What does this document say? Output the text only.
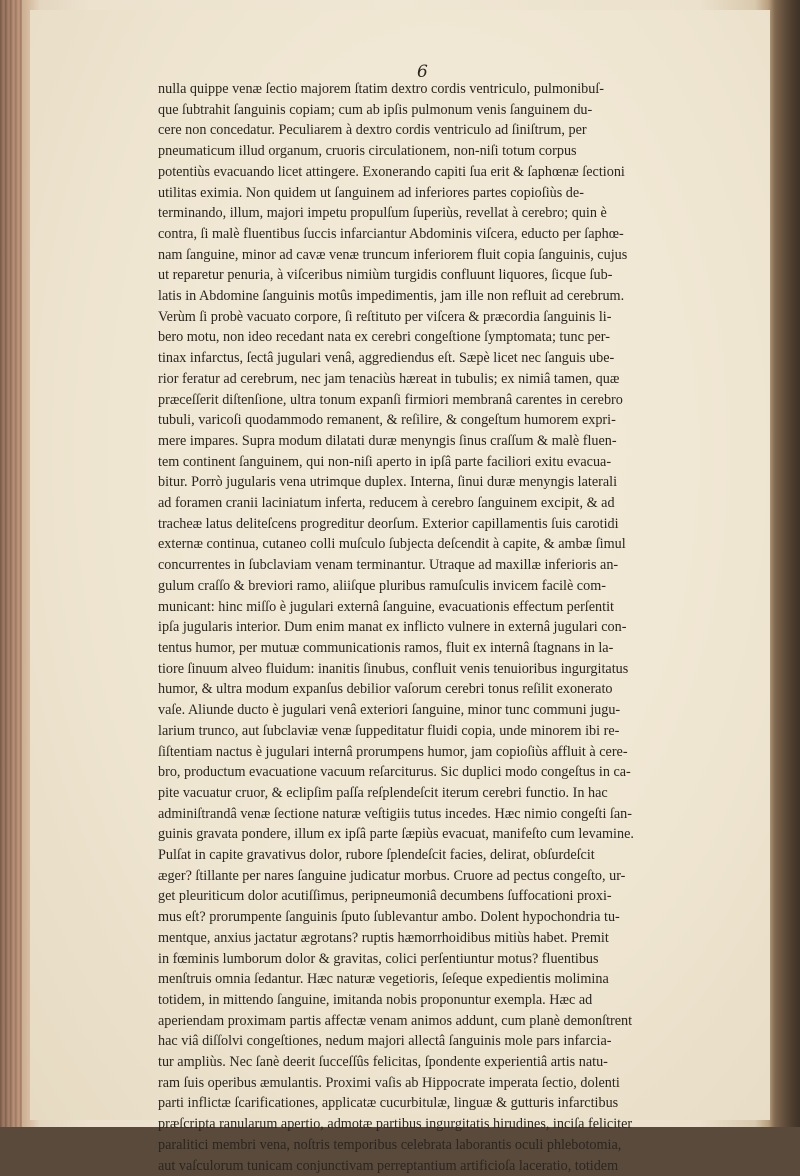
6
nulla quippe venæ ſectio majorem ſtatim dextro cordis ventriculo, pulmonibuſ-
que ſubtrahit ſanguinis copiam; cum ab ipſis pulmonum venis ſanguinem du-
cere non concedatur. Peculiarem à dextro cordis ventriculo ad ſiniſtrum, per
pneumaticum illud organum, cruoris circulationem, non-niſi totum corpus
potentiùs evacuando licet attingere. Exonerando capiti ſua erit & ſaphœnæ ſectioni
utilitas eximia. Non quidem ut ſanguinem ad inferiores partes copioſiùs de-
terminando, illum, majori impetu propulſum ſuperiùs, revellat à cerebro; quin è
contra, ſi malè fluentibus ſuccis infarciantur Abdominis viſcera, educto per ſaphœ-
nam ſanguine, minor ad cavæ venæ truncum inferiorem fluit copia ſanguinis, cujus
ut reparetur penuria, à viſceribus nimiùm turgidis confluunt liquores, ſicque ſub-
latis in Abdomine ſanguinis motûs impedimentis, jam ille non refluit ad cerebrum.
Verùm ſi probè vacuato corpore, ſi reſtituto per viſcera & præcordia ſanguinis li-
bero motu, non ideo recedant nata ex cerebri congeſtione ſymptomata; tunc per-
tinax infarctus, ſectâ jugulari venâ, aggrediendus eſt. Sæpè licet nec ſanguis ube-
rior feratur ad cerebrum, nec jam tenaciùs hæreat in tubulis; ex nimiâ tamen, quæ
præceſſerit diſtenſione, ultra tonum expanſi firmiori membranâ carentes in cerebro
tubuli, varicoſi quodammodo remanent, & reſilire, & congeſtum humorem expri-
mere impares. Supra modum dilatati duræ menyngis ſinus craſſum & malè fluen-
tem continent ſanguinem, qui non-niſi aperto in ipſâ parte faciliori exitu evacua-
bitur. Porrò jugularis vena utrimque duplex. Interna, ſinui duræ menyngis laterali
ad foramen cranii laciniatum inferta, reducem à cerebro ſanguinem excipit, & ad
tracheæ latus deliteſcens progreditur deorſum. Exterior capillamentis ſuis carotidi
externæ continua, cutaneo colli muſculo ſubjecta deſcendit à capite, & ambæ ſimul
concurrentes in ſubclaviam venam terminantur. Utraque ad maxillæ inferioris an-
gulum craſſo & breviori ramo, aliiſque pluribus ramuſculis invicem facilè com-
municant: hinc miſſo è jugulari externâ ſanguine, evacuationis effectum perſentit
ipſa jugularis interior. Dum enim manat ex inflicto vulnere in externâ jugulari con-
tentus humor, per mutuæ communicationis ramos, fluit ex internâ ſtagnans in la-
tiore ſinuum alveo fluidum: inanitis ſinubus, confluit venis tenuioribus ingurgitatus
humor, & ultra modum expanſus debilior vaſorum cerebri tonus reſilit exonerato
vaſe. Aliunde ducto è jugulari venâ exteriori ſanguine, minor tunc communi jugu-
larium trunco, aut ſubclaviæ venæ ſuppeditatur fluidi copia, unde minorem ibi re-
ſiſtentiam nactus è jugulari internâ prorumpens humor, jam copioſiùs affluit à cere-
bro, productum evacuatione vacuum reſarciturus. Sic duplici modo congeſtus in ca-
pite vacuatur cruor, & eclipſim paſſa reſplendeſcit iterum cerebri functio. In hac
adminiſtrandâ venæ ſectione naturæ veſtigiis tutus incedes. Hæc nimio congeſti ſan-
guinis gravata pondere, illum ex ipſâ parte ſæpiùs evacuat, manifeſto cum levamine.
Pulſat in capite gravativus dolor, rubore ſplendeſcit facies, delirat, obſurdeſcit
æger? ſtillante per nares ſanguine judicatur morbus. Cruore ad pectus congeſto, ur-
get pleuriticum dolor acutiſſimus, peripneumoniâ decumbens ſuffocationi proxi-
mus eſt? prorumpente ſanguinis ſputo ſublevantur ambo. Dolent hypochondria tu-
mentque, anxius jactatur ægrotans? ruptis hæmorrhoidibus mitiùs habet. Premit
in fœminis lumborum dolor & gravitas, colici perſentiuntur motus? fluentibus
menſtruis omnia ſedantur. Hæc naturæ vegetioris, ſeſeque expedientis molimina
totidem, in mittendo ſanguine, imitanda nobis proponuntur exempla. Hæc ad
aperiendam proximam partis affectæ venam animos addunt, cum planè demonſtrent
hac viâ diſſolvi congeſtiones, nedum majori allectâ ſanguinis mole pars infarcia-
tur ampliùs. Nec ſanè deerit ſucceſſûs felicitas, ſpondente experientiâ artis natu-
ram ſuis operibus æmulantis. Proximi vaſis ab Hippocrate imperata ſectio, dolenti
parti inflictæ ſcarificationes, applicatæ cucurbitulæ, linguæ & gutturis infarctibus
præſcripta ranularum apertio, admotæ partibus ingurgitatis hirudines, inciſa feliciter
paralitici membri vena, noſtris temporibus celebrata laborantis oculi phlebotomia,
aut vaſculorum tunicam conjunctivam perreptantium artificioſa laceratio, totidem
